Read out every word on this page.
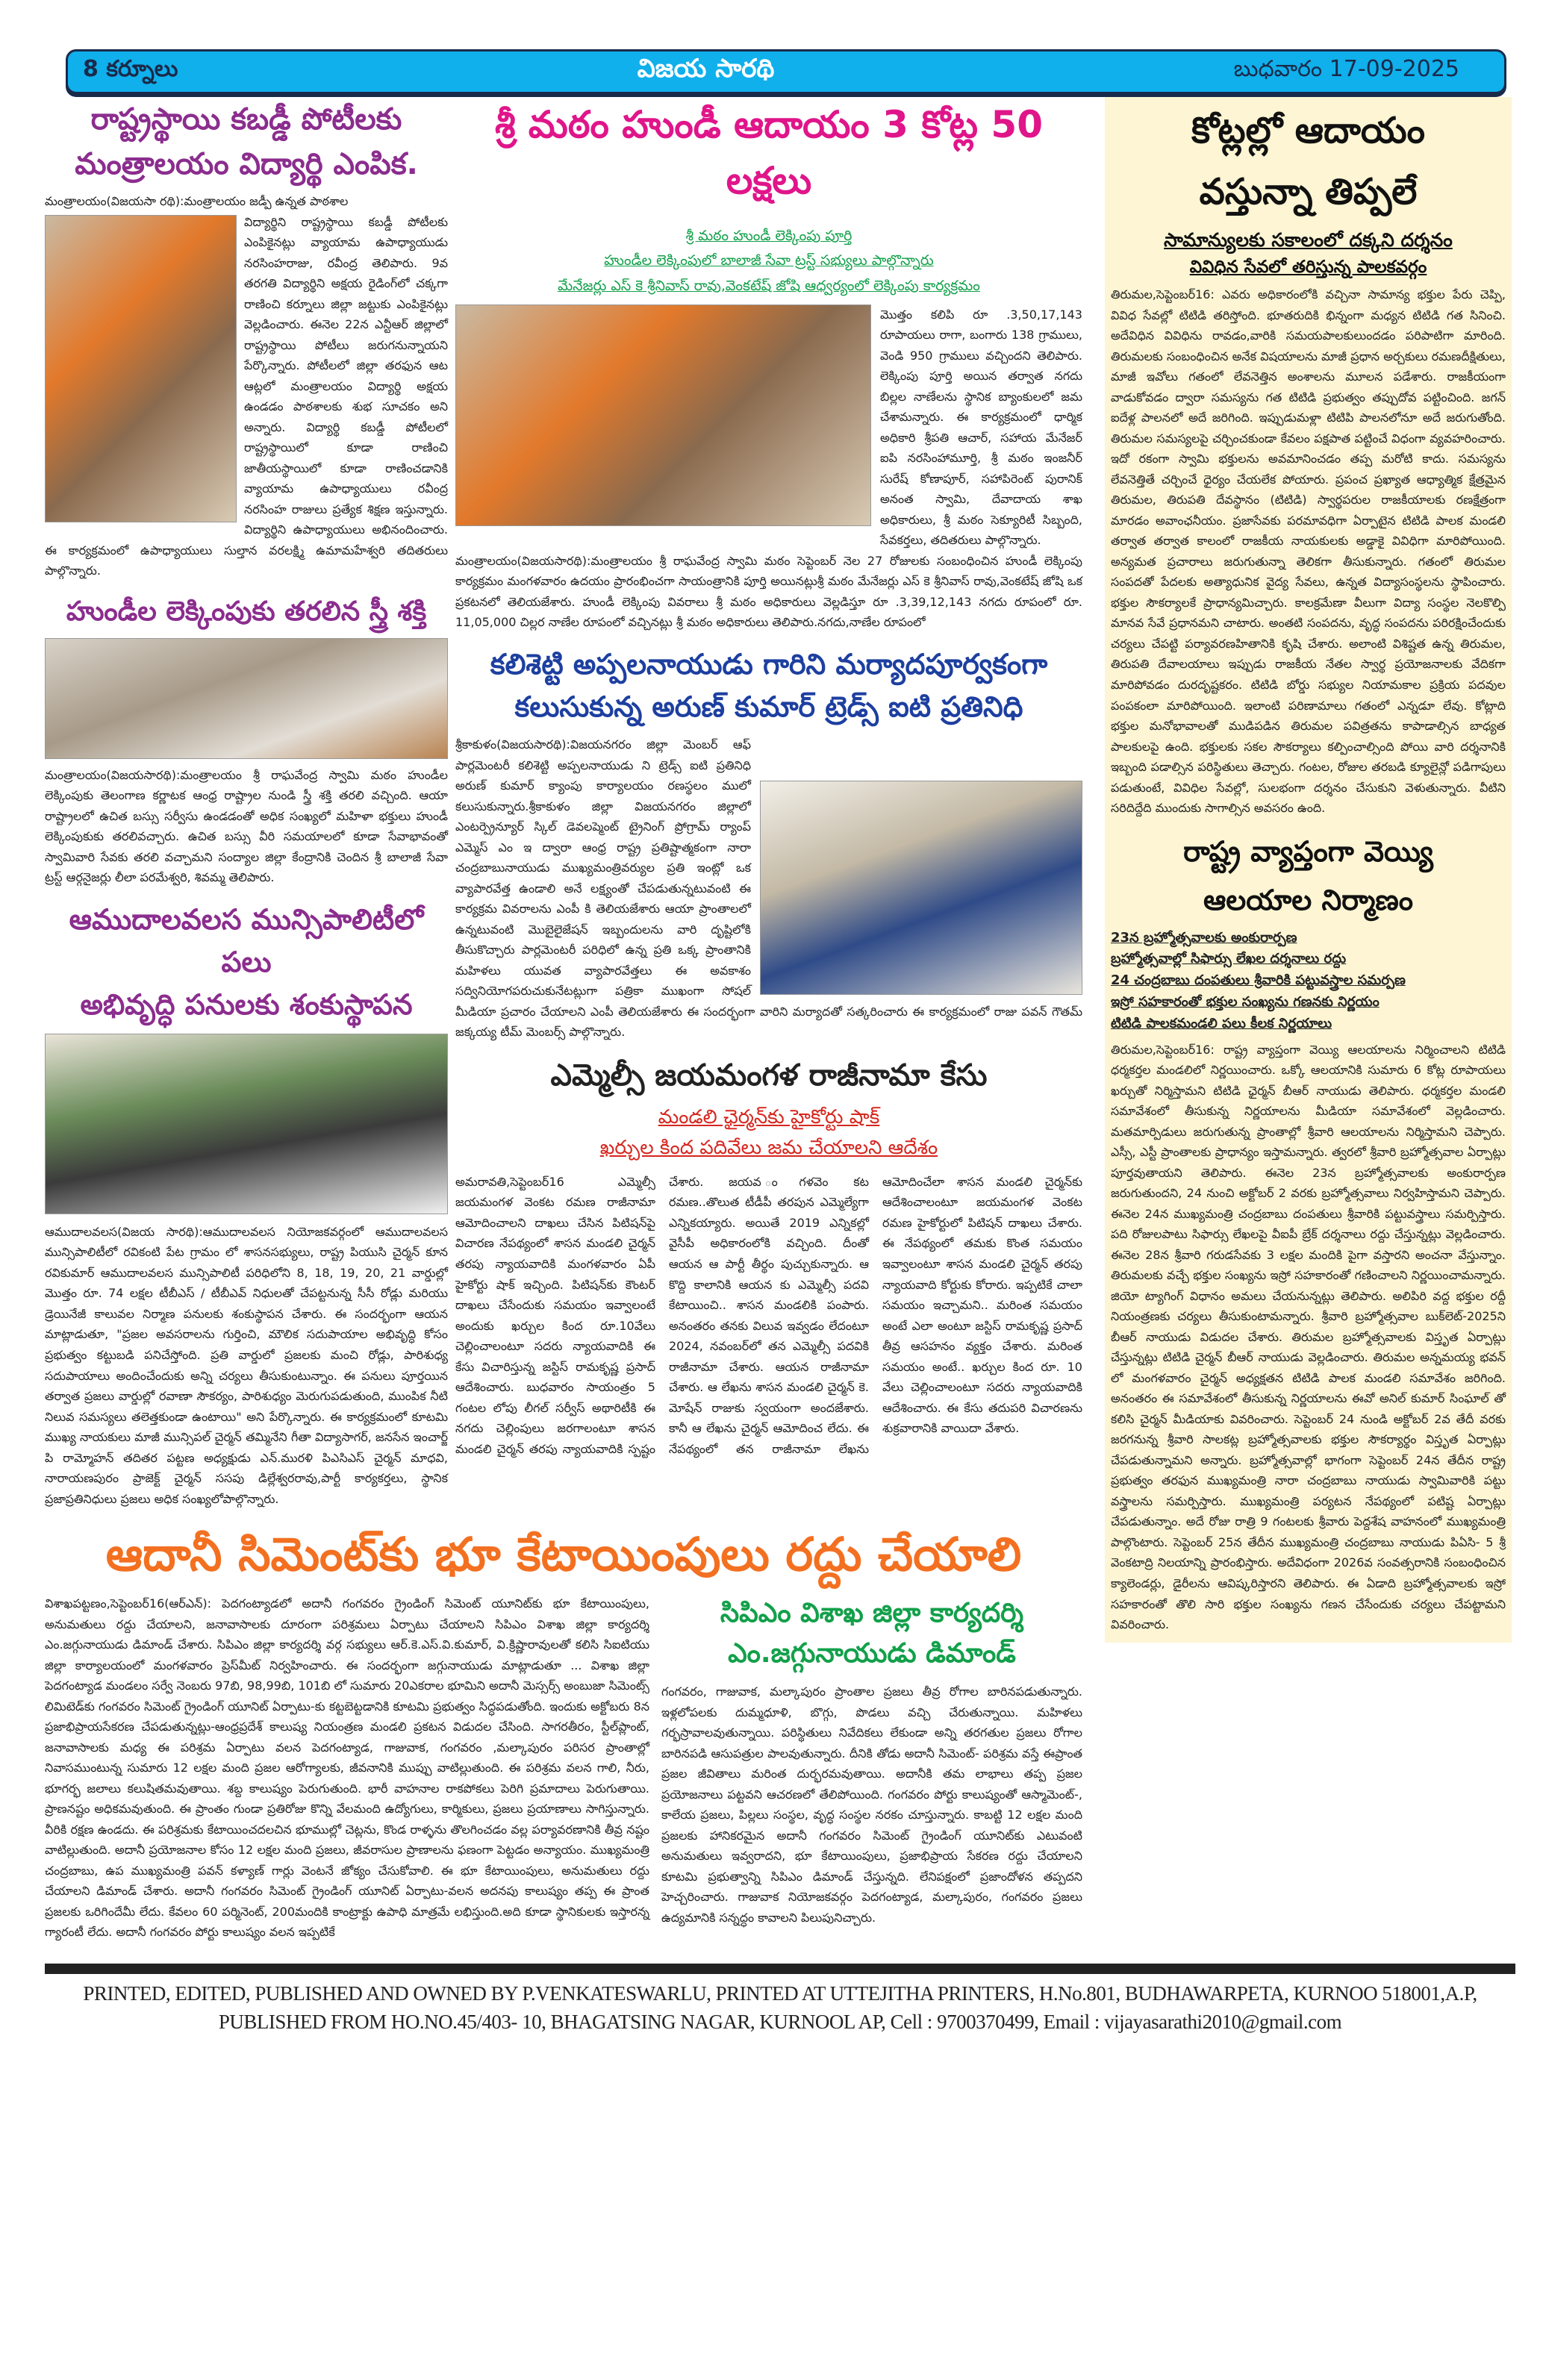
8 కర్నూలు	విజయ సారథి	బుధవారం 17-09-2025
రాష్ట్రస్థాయి కబడ్డీ పోటీలకు
మంత్రాలయం విద్యార్థి ఎంపిక.
మంత్రాలయం(విజయసా రథి):మంత్రాలయం జడ్పీ ఉన్నత పాఠశాల
విద్యార్థిని రాష్ట్రస్థాయి కబడ్డీ పోటీలకు ఎంపికైనట్లు వ్యాయామ ఉపాధ్యాయుడు నరసింహరాజు, రవీంద్ర తెలిపారు. 9వ తరగతి విద్యార్థిని అక్షయ రైడింగ్‌లో చక్కగా రాణించి కర్నూలు జిల్లా జట్టుకు ఎంపికైనట్లు వెల్లడించారు. ఈనెల 22న ఎన్టీఆర్ జిల్లాలో రాష్ట్రస్థాయి పోటీలు జరుగనున్నాయని పేర్కొన్నారు. పోటీలలో జిల్లా తరఫున ఆట ఆట్లలో మంత్రాలయం విద్యార్థి అక్షయ ఉండడం పాఠశాలకు శుభ సూచకం అని అన్నారు. విద్యార్థి కబడ్డీ పోటీలలో రాష్ట్రస్థాయిలో కూడా రాణించి జాతీయస్థాయిలో కూడా రాణించడానికి వ్యాయామ ఉపాధ్యాయులు రవీంద్ర నరసింహ రాజులు ప్రత్యేక శిక్షణ ఇస్తున్నారు. విద్యార్థిని ఉపాధ్యాయులు అభినందించారు. ఈ కార్యక్రమంలో ఉపాధ్యాయులు సుల్తాన వరలక్ష్మి ఉమామహేశ్వరి తదితరులు పాల్గొన్నారు.
హుండీల లెక్కింపుకు తరలిన స్త్రీ శక్తి
మంత్రాలయం(విజయసారథి):మంత్రాలయం శ్రీ రాఘవేంద్ర స్వామి మఠం హుండీల లెక్కింపుకు తెలంగాణ కర్ణాటక ఆంధ్ర రాష్ట్రాల నుండి స్త్రీ శక్తి తరలి వచ్చింది. ఆయా రాష్ట్రాలలో ఉచిత బస్సు సర్వీసు ఉండడంతో అధిక సంఖ్యలో మహిళా భక్తులు హుండీ లెక్కింపుకుకు తరలివచ్చారు. ఉచిత బస్సు వీరి సమయాలలో కూడా సేవాభావంతో స్వామివారి సేవకు తరలి వచ్చామని సంద్యాల జిల్లా కేంద్రానికి చెందిన శ్రీ బాలాజీ సేవా ట్రస్ట్ ఆర్గనైజర్లు లీలా పరమేశ్వరి, శివమ్మ తెలిపారు.
ఆముదాలవలస మున్సిపాలిటీలో పలు
అభివృద్ధి పనులకు శంకుస్థాపన
ఆముదాలవలస(విజయ సారథి):ఆముదాలవలస నియోజకవర్గంలో ఆముదాలవలస మున్సిపాలిటీలో రవికంటి పేట గ్రామం లో శాసనసభ్యులు, రాష్ట్ర పియుసి చైర్మన్ కూన రవికుమార్ ఆముదాలవలస మున్సిపాలిటీ పరిధిలోని 8, 18, 19, 20, 21 వార్డుల్లో మొత్తం రూ. 74 లక్షల టీబీఎస్ / టీబీఎవ్ నిధులతో చేపట్టనున్న సీసీ రోడ్లు మరియు డ్రెయినేజీ కాలువల నిర్మాణ పనులకు శంకుస్థాపన చేశారు. ఈ సందర్భంగా ఆయన మాట్లాడుతూ, "ప్రజల అవసరాలను గుర్తించి, మౌలిక సదుపాయాల అభివృద్ధి కోసం ప్రభుత్వం కట్టుబడి పనిచేస్తోంది. ప్రతి వార్డులో ప్రజలకు మంచి రోడ్లు, పారిశుధ్య సదుపాయాలు అందించేందుకు అన్ని చర్యలు తీసుకుంటున్నాం. ఈ పనులు పూర్తయిన తర్వాత ప్రజలు వార్డుల్లో రవాణా సౌకర్యం, పారిశుధ్యం మెరుగుపడుతుంది, ముంపిక నీటి నిలువ సమస్యలు తలెత్తకుండా ఉంటాయి" అని పేర్కొన్నారు. ఈ కార్యక్రమంలో కూటమి ముఖ్య నాయకులు మాజీ మున్సిపల్ చైర్మన్ తమ్మినేని గీతా విద్యాసాగర్, జనసేన ఇంచార్జ్ పి రామ్మోహన్ తదితర పట్టణ అధ్యక్షుడు ఎన్.మురళి పిఎసిఎస్ చైర్మన్ మాధవి, నారాయణపురం ప్రాజెక్ట్ చైర్మన్ ససపు డిల్లేశ్వరరావు,పార్టీ కార్యకర్తలు, స్థానిక ప్రజాప్రతినిధులు ప్రజలు అధిక సంఖ్యలోపాల్గొన్నారు.
శ్రీ మఠం హుండీ ఆదాయం 3 కోట్ల 50 లక్షలు
శ్రీ మఠం హుండీ లెక్కింపు పూర్తి
హుండీల లెక్కింపులో బాలాజీ సేవా ట్రస్ట్ సభ్యులు పాల్గొన్నారు
మేనేజర్లు ఎస్ కె శ్రీనివాస్ రావు,వెంకటేష్ జోషి ఆధ్వర్యంలో లెక్కింపు కార్యక్రమం
మొత్తం కలిపి రూ .3,50,17,143 రూపాయలు రాగా, బంగారు 138 గ్రాములు, వెండి 950 గ్రాములు వచ్చిందని తెలిపారు. లెక్కింపు పూర్తి అయిన తర్వాత నగదు బిల్లల నాణేలను స్థానిక బ్యాంకులలో జమ చేశామన్నారు. ఈ కార్యక్రమంలో ధార్మిక అధికారి శ్రీపతి ఆచార్, సహాయ మేనేజర్ ఐపి నరసింహామూర్తి, శ్రీ మఠం ఇంజనీర్ సురేష్ కోణాపూర్, సహాపిరెంట్ పురానిక్ అనంత స్వామి, దేవాదాయ శాఖ అధికారులు, శ్రీ మఠం సెక్యూరిటీ సిబ్బంది, సేవకర్తలు, తదితరులు పాల్గొన్నారు.
మంత్రాలయం(విజయసారథి):మంత్రాలయం శ్రీ రాఘవేంద్ర స్వామి మఠం సెప్టెంబర్ నెల 27 రోజులకు సంబంధించిన హుండీ లెక్కింపు కార్యక్రమం మంగళవారం ఉదయం ప్రారంభించగా సాయంత్రానికి పూర్తి అయినట్లుశ్రీ మఠం మేనేజర్లు ఎస్ కె శ్రీనివాస్ రావు,వెంకటేష్ జోషి ఒక ప్రకటనలో తెలియజేశారు. హుండీ లెక్కింపు వివరాలు శ్రీ మఠం అధికారులు వెల్లడిస్తూ రూ .3,39,12,143 నగదు రూపంలో రూ. 11,05,000 చిల్లర నాణేల రూపంలో వచ్చినట్లు శ్రీ మఠం అధికారులు తెలిపారు.నగదు,నాణేల రూపంలో
కలిశెట్టి అప్పలనాయుడు గారిని మర్యాదపూర్వకంగా
కలుసుకున్న అరుణ్ కుమార్ ట్రెడ్స్ ఐటి ప్రతినిధి
శ్రీకాకుళం(విజయసారథి):విజయనగరం జిల్లా మెంబర్ ఆఫ్ పార్లమెంటరీ కలిశెట్టి అప్పలనాయుడు ని ట్రెడ్స్ ఐటి ప్రతినిధి అరుణ్ కుమార్ క్యాంపు కార్యాలయం రణస్థలం ములో కలుసుకున్నారు.శ్రీకాకుళం జిల్లా విజయనగరం జిల్లాలో ఎంటర్ప్రెన్యూర్ స్కిల్ డెవలప్మెంట్ ట్రైనింగ్ ప్రోగ్రామ్ ర్యాంప్ ఎమ్మెస్ ఎం ఇ ద్వారా ఆంధ్ర రాష్ట్ర ప్రతిష్టాత్మకంగా నారా చంద్రబాబునాయుడు ముఖ్యమంత్రివర్యుల ప్రతి ఇంట్లో ఒక వ్యాపారవేత్త ఉండాలి అనే లక్ష్యంతో చేపడుతున్నటువంటి ఈ కార్యక్రమ వివరాలను ఎంపీ కి తెలియజేశారు ఆయా ప్రాంతాలలో ఉన్నటువంటి మొబైలైజేషన్ ఇబ్బందులను వారి దృష్టిలోకి తీసుకొచ్చారు పార్లమెంటరీ పరిధిలో ఉన్న ప్రతి ఒక్క ప్రాంతానికి మహిళలు యువత వ్యాపారవేత్తలు ఈ అవకాశం సద్వినియోగపరుచుకునేటట్లుగా పత్రికా ముఖంగా సోషల్ మీడియా ప్రచారం చేయాలని ఎంపీ తెలియజేశారు ఈ సందర్భంగా వారిని మర్యాదతో సత్కరించారు ఈ కార్యక్రమంలో రాజు పవన్ గౌతమ్ జక్కయ్య టీమ్ మెంబర్స్ పాల్గొన్నారు.
ఎమ్మెల్సీ జయమంగళ రాజీనామా కేసు
మండలి ఛైర్మన్‌కు హైకోర్టు షాక్
ఖర్చుల కింద పదివేలు జమ చేయాలని ఆదేశం
అమరావతి,సెప్టెంబర్16 ఎమ్మెల్సీ జయమంగళ వెంకట రమణ రాజీనామా ఆమోదించాలని దాఖలు చేసిన పిటిషన్‌పై విచారణ నేపథ్యంలో శాసన మండలి చైర్మన్ తరపు న్యాయవాదికి మంగళవారం ఏపీ హైకోర్టు షాక్ ఇచ్చింది. పిటిషన్‌కు కౌంటర్ దాఖలు చేసేందుకు సమయం ఇవ్వాలంటే అందుకు ఖర్చుల కింద రూ.10వేలు చెల్లించాలంటూ సదరు న్యాయవాదికి ఈ కేసు విచారిస్తున్న జస్టిస్ రామకృష్ణ ప్రసాద్ ఆదేశించారు. బుధవారం సాయంత్రం 5 గంటల లోపు లీగల్ సర్వీస్ అథారిటీకి ఈ నగదు చెల్లింపులు జరగాలంటూ శాసన మండలి చైర్మన్ తరపు న్యాయవాదికి స్పష్టం చేశారు. జయవ ంగళవెం కట రమణ..తొలుత టీడీపీ తరపున ఎమ్మెల్యేగా ఎన్నికయ్యారు. అయితే 2019 ఎన్నికల్లో వైసీపీ అధికారంలోకి వచ్చింది. దీంతో ఆయన ఆ పార్టీ తీర్థం పుచ్చుకున్నారు. ఆ కొద్ది కాలానికి ఆయన కు ఎమ్మెల్సీ పదవి కేటాయించి.. శాసన మండలికి పంపారు. అనంతరం తనకు విలువ ఇవ్వడం లేదంటూ 2024, నవంబర్‌లో తన ఎమ్మెల్సీ పదవికి రాజీనామా చేశారు. ఆయన రాజీనామా చేశారు. ఆ లేఖను శాసన మండలి చైర్మన్ కె. మోషేన్ రాజుకు స్వయంగా అందజేశారు. కానీ ఆ లేఖను చైర్మన్ ఆమోదించ లేదు. ఈ నేపథ్యంలో తన రాజీనామా లేఖను ఆమోదించేలా శాసన మండలి చైర్మన్‌కు ఆదేశించాలంటూ జయమంగళ వెంకట రమణ హైకోర్టులో పిటిషన్ దాఖలు చేశారు. ఈ నేపథ్యంలో తమకు కొంత సమయం ఇవ్వాలంటూ శాసన మండలి చైర్మన్ తరపు న్యాయవాది కోర్టుకు కోరారు. ఇప్పటికే చాలా సమయం ఇచ్చామని.. మరింత సమయం అంటే ఎలా అంటూ జస్టిస్ రామకృష్ణ ప్రసాద్ తీవ్ర ఆసహనం వ్యక్తం చేశారు. మరింత సమయం అంటే.. ఖర్చుల కింద రూ. 10 వేలు చెల్లించాలంటూ సదరు న్యాయవాదికి ఆదేశించారు. ఈ కేసు తదుపరి విచారణను శుక్రవారానికి వాయిదా వేశారు.
ఆదానీ సిమెంట్‌కు భూ కేటాయింపులు రద్దు చేయాలి
విశాఖపట్టణం,సెప్టెంబర్16(ఆర్‌ఎన్): పెదగంట్యాడలో అదానీ గంగవరం గ్రైండింగ్ సిమెంట్ యూనిట్‌కు భూ కేటాయింపులు, అనుమతులు రద్దు చేయాలని, జనావాసాలకు దూరంగా పరిశ్రమలు ఏర్పాటు చేయాలని సిపిఎం విశాఖ జిల్లా కార్యదర్శి ఎం.జగ్గునాయుడు డిమాండ్ చేశారు. సిపిఎం జిల్లా కార్యదర్శి వర్గ సభ్యులు ఆర్.కె.ఎస్.వి.కుమార్, వి.క్రిష్ణారావులతో కలిసి సిఐటియు జిల్లా కార్యాలయంలో మంగళవారం ప్రెస్‌మీట్ నిర్వహించారు. ఈ సందర్భంగా జగ్గునాయుడు మాట్లాడుతూ ... విశాఖ జిల్లా పెదగంట్యాడ మండలం సర్వే నెంబరు 97బి, 98,99బి, 101బి లో సుమారు 20ఎకరాల భూమిని అదానీ మెస్సర్స్ అంబుజా సిమెంట్స్ లిమిటెడ్‌కు గంగవరం సిమెంట్ గ్రైండింగ్ యూనిట్ ఏర్పాటు-కు కట్టబెట్టడానికి కూటమి ప్రభుత్వం సిద్ధపడుతోంది. ఇందుకు అక్టోబరు 8న ప్రజాభిప్రాయసేకరణ చేపడుతున్నట్లు-ఆంధ్రప్రదేశ్ కాలుష్య నియంత్రణ మండలి ప్రకటన విడుదల చేసింది. సాగరతీరం, స్టీల్‌ప్లాంట్, జనావాసాలకు మధ్య ఈ పరిశ్రమ ఏర్పాటు వలన పెదగంట్యాడ, గాజువాక, గంగవరం ,మల్కాపురం పరిసర ప్రాంతాల్లో నివాసముంటున్న సుమారు 12 లక్షల మంది ప్రజల ఆరోగ్యాలకు, జీవనానికి ముప్పు వాటిల్లుతుంది. ఈ పరిశ్రమ వలన గాలి, నీరు, భూగర్భ జలాలు కలుషితమవుతాయి. శబ్ద కాలుష్యం పెరుగుతుంది. భారీ వాహనాల రాకపోకలు పెరిగి ప్రమాదాలు పెరుగుతాయి. ప్రాణనష్టం అధికమవుతుంది. ఈ ప్రాంతం గుండా ప్రతిరోజు కొన్ని వేలమంది ఉద్యోగులు, కార్మికులు, ప్రజలు ప్రయాణాలు సాగిస్తున్నారు. వీరికి రక్షణ ఉండదు. ఈ పరిశ్రమకు కేటాయించదలచిన భూముల్లో చెట్లను, కొండ రాళ్ళను తొలగించడం వల్ల పర్యావరణానికి తీవ్ర నష్టం వాటిల్లుతుంది. అదానీ ప్రయోజనాల కోసం 12 లక్షల మంది ప్రజలు, జీవరాసుల ప్రాణాలను ఫణంగా పెట్టడం అన్యాయం. ముఖ్యమంత్రి చంద్రబాబు, ఉప ముఖ్యమంత్రి పవన్ కళ్యాణ్ గార్లు వెంటనే జోక్యం చేసుకోవాలి. ఈ భూ కేటాయింపులు, అనుమతులు రద్దు చేయాలని డిమాండ్ చేశారు. అదానీ గంగవరం సిమెంట్ గ్రైండింగ్ యూనిట్ ఏర్పాటు-వలన అదనపు కాలుష్యం తప్ప ఈ ప్రాంత ప్రజలకు ఒరిగిందేమీ లేదు. కేవలం 60 పర్మినెంట్, 200మందికి కాంట్రాక్టు ఉపాధి మాత్రమే లభిస్తుంది.అది కూడా స్థానికులకు ఇస్తారన్న గ్యారంటీ లేదు. అదానీ గంగవరం పోర్టు కాలుష్యం వలన ఇప్పటికే
సిపిఎం విశాఖ జిల్లా కార్యదర్శి
ఎం.జగ్గునాయుడు డిమాండ్
గంగవరం, గాజువాక, మల్కాపురం ప్రాంతాల ప్రజలు తీవ్ర రోగాల బారినపడుతున్నారు. ఇళ్లలోపలకు దుమ్మధూళి, బొగ్గు, పొడలు వచ్చి చేరుతున్నాయి. మహిళలు గర్భస్రావాలవుతున్నాయి. పరిస్థితులు నివేదికలు లేకుండా అన్ని తరగతుల ప్రజలు రోగాల బారినపడి ఆసుపత్రుల పాలవుతున్నారు. దీనికి తోడు అదానీ సిమెంట్- పరిశ్రమ వస్తే ఈప్రాంత ప్రజల జీవితాలు మరింత దుర్భరమవుతాయి. అదానీకి తమ లాభాలు తప్ప ప్రజల ప్రయోజనాలు పట్టవని ఆచరణలో తేలిపోయింది. గంగవరం పోర్టు కాలుష్యంతో ఆస్మామెంట్-, కాలేయ ప్రజలు, పిల్లలు సంస్థల, వృద్ధ సంస్థల నరకం చూస్తున్నారు. కాబట్టి 12 లక్షల మంది ప్రజలకు హానికరమైన అదానీ గంగవరం సిమెంట్ గ్రైండింగ్ యూనిట్‌కు ఎటువంటి అనుమతులు ఇవ్వరాదని, భూ కేటాయింపులు, ప్రజాభిప్రాయ సేకరణ రద్దు చేయాలని కూటమి ప్రభుత్వాన్ని సిపిఎం డిమాండ్ చేస్తున్నది. లేనిపక్షంలో ప్రజాందోళన తప్పదని హెచ్చరించారు. గాజువాక నియోజకవర్గం పెదగంట్యాడ, మల్కాపురం, గంగవరం ప్రజలు ఉద్యమానికి సన్నద్ధం కావాలని పిలుపునిచ్చారు.
కోట్లల్లో ఆదాయం
వస్తున్నా తిప్పలే
సామాన్యులకు సకాలంలో దక్కని దర్శనం
వివిధిన సేవలో తరిస్తున్న పాలకవర్గం
తిరుమల,సెప్టెంబర్16: ఎవరు అధికారంలోకి వచ్చినా సామాన్య భక్తుల పేరు చెప్పి, వివిధ సేవల్లో టిటిడి తరిస్తోంది. భూతరుదికి భిన్నంగా మధ్యన టిటిడి గత సినించి. అదేవిధిన వివిధిను రావడం,వారికి సమయపాలకులుందడం పరిపాటిగా మారింది. తిరుమలకు సంబంధించిన అనేక విషయాలను మాజీ ప్రధాన అర్చకులు రమణదీక్షితులు, మాజీ ఇవోలు గతంలో లేవనెత్తిన అంశాలను మూలన పడేశారు. రాజకీయంగా వాడుకోవడం ద్వారా సమస్యను గత టిటిడి ప్రభుత్వం తప్పుదోవ పట్టించింది. జగన్ ఐదేళ్ల పాలనలో అదే జరిగింది. ఇప్పుడుమళ్లా టిటిపి పాలనలోనూ అదే జరుగుతోంది. తిరుమల సమస్యలపై చర్చించకుండా కేవలం పక్షపాత పట్టించే విధంగా వ్యవహరించారు. ఇదో రకంగా స్వామి భక్తులను అవమానించడం తప్ప మరోటి కాదు. సమస్యను లేవనెత్తితే చర్చించే ధైర్యం చేయలేక పోయారు. ప్రపంచ ప్రఖ్యాత ఆధ్యాత్మిక క్షేత్రమైన తిరుమల, తిరుపతి దేవస్థానం (టిటిడి) స్వార్థపరుల రాజకీయాలకు రణక్షేత్రంగా మారడం అవాంఛనీయం. ప్రజాసేవకు పరమావధిగా ఏర్పాటైన టిటిడి పాలక మండలి తర్వాత తర్వాత కాలంలో రాజకీయ నాయకులకు అడ్డాకై వివిధిగా మారిపోయింది. అన్యమత ప్రచారాలు జరుగుతున్నా తెలికగా తీసుకున్నారు. గతంలో తిరుమల సంపదతో పేదలకు అత్యాధునిక వైద్య సేవలు, ఉన్నత విద్యాసంస్థలను స్థాపించారు. భక్తుల సౌకర్యాలకే ప్రాధాన్యమిచ్చారు. కాలక్రమేణా వీలుగా విద్యా సంస్థల నెలకొల్పి మానవ సేవే ప్రధానమని చాటారు. అంతటి సంపదను, వృద్ధ సంపదను పరిరక్షించేందుకు చర్యలు చేపట్టి పర్యావరణహితానికి కృషి చేశారు. అలాంటి విశిష్టత ఉన్న తిరుమల, తిరుపతి దేవాలయాలు ఇప్పుడు రాజకీయ నేతల స్వార్థ ప్రయోజనాలకు వేదికగా మారిపోవడం దురదృష్టకరం. టిటిడి బోర్డు సభ్యుల నియామకాల ప్రక్రియ పదవుల పంపకంలా మారిపోయింది. ఇలాంటి పరిణామాలు గతంలో ఎన్నడూ లేవు. కోట్లాది భక్తుల మనోభావాలతో ముడిపడిన తిరుమల పవిత్రతను కాపాడాల్సిన బాధ్యత పాలకులపై ఉంది. భక్తులకు సకల సౌకర్యాలు కల్పించాల్సింది పోయి వారి దర్శనానికి ఇబ్బంది పడాల్సిన పరిస్థితులు తెచ్చారు. గంటల, రోజుల తరబడి క్యూలైన్లో పడిగాపులు పడుతుంటే, వివిధిల సేవల్లో, సులభంగా దర్శనం చేసుకుని వెళుతున్నారు. వీటిని సరిదిద్దేది ముందుకు సాగాల్సిన అవసరం ఉంది.
రాష్ట్ర వ్యాప్తంగా వెయ్యి
ఆలయాల నిర్మాణం
23న బ్రహ్మోత్సవాలకు అంకురార్పణ
బ్రహ్మోత్సవాల్లో సిఫార్సు లేఖల దర్శనాలు రద్దు
24 చంద్రబాబు దంపతులు శ్రీవారికి పట్టువస్త్రాల సమర్పణ
ఇస్రో సహకారంతో భక్తుల సంఖ్యను గణనకు నిర్ణయం
టిటిడి పాలకమండలి పలు కీలక నిర్ణయాలు
తిరుమల,సెప్టెంబర్16: రాష్ట్ర వ్యాప్తంగా వెయ్యి ఆలయాలను నిర్మించాలని టిటిడి ధర్మకర్తల మండలిలో నిర్ణయించారు. ఒక్కో ఆలయానికి సుమారు 6 కోట్ల రూపాయలు ఖర్చుతో నిర్మిస్తామని టిటిడి ఛైర్మన్ బీఆర్ నాయుడు తెలిపారు. ధర్మకర్తల మండలి సమావేశంలో తీసుకున్న నిర్ణయాలను మీడియా సమావేశంలో వెల్లడించారు. మతమార్పిడులు జరుగుతున్న ప్రాంతాల్లో శ్రీవారి ఆలయాలను నిర్మిస్తామని చెప్పారు. ఎస్సీ, ఎస్టీ ప్రాంతాలకు ప్రాధాన్యం ఇస్తామన్నారు. త్వరలో శ్రీవారి బ్రహ్మోత్సవాల ఏర్పాట్లు పూర్తవుతాయని తెలిపారు. ఈనెల 23న బ్రహ్మోత్సవాలకు అంకురార్పణ జరుగుతుందని, 24 నుంచి అక్టోబర్ 2 వరకు బ్రహ్మోత్సవాలు నిర్వహిస్తామని చెప్పారు. ఈనెల 24న ముఖ్యమంత్రి చంద్రబాబు దంపతులు శ్రీవారికి పట్టువస్త్రాలు సమర్పిస్తారు. పది రోజులపాటు సిఫార్సు లేఖలపై వీఐపీ బ్రేక్ దర్శనాలు రద్దు చేస్తున్నట్లు వెల్లడించారు. ఈనెల 28న శ్రీవారి గరుడసేవకు 3 లక్షల మందికి పైగా వస్తారని అంచనా వేస్తున్నాం. తిరుమలకు వచ్చే భక్తుల సంఖ్యను ఇస్రో సహకారంతో గణించాలని నిర్ణయించామన్నారు. జియో ట్యాగింగ్ విధానం అమలు చేయనున్నట్లు తెలిపారు. అలిపిరి వద్ద భక్తుల రద్దీ నియంత్రణకు చర్యలు తీసుకుంటామన్నారు. శ్రీవారి బ్రహ్మోత్సవాల బుక్‌లెట్‌-2025ని బీఆర్ నాయుడు విడుదల చేశారు. తిరుమల బ్రహ్మోత్సవాలకు విస్తృత ఏర్పాట్లు చేస్తున్నట్లు టిటిడి చైర్మన్ బీఆర్ నాయుడు వెల్లడించారు. తిరుమల అన్నమయ్య భవన్ లో మంగళవారం చైర్మన్ అధ్యక్షతన టిటిడి పాలక మండలి సమావేశం జరిగింది. అనంతరం ఈ సమావేశంలో తీసుకున్న నిర్ణయాలను ఈవో అనిల్ కుమార్ సింఘాల్ తో కలిసి చైర్మన్ మీడియాకు వివరించారు. సెప్టెంబర్ 24 నుండి అక్టోబర్ 2వ తేదీ వరకు జరగనున్న శ్రీవారి సాలకట్ల బ్రహ్మోత్సవాలకు భక్తుల సౌకర్యార్థం విస్తృత ఏర్పాట్లు చేపడుతున్నామని అన్నారు. బ్రహ్మోత్సవాల్లో భాగంగా సెప్టెంబర్ 24న తేదీన రాష్ట్ర ప్రభుత్వం తరఫున ముఖ్యమంత్రి నారా చంద్రబాబు నాయుడు స్వామివారికి పట్టు వస్త్రాలను సమర్పిస్తారు. ముఖ్యమంత్రి పర్యటన నేపథ్యంలో పటిష్ట ఏర్పాట్లు చేపడుతున్నాం. అదే రోజు రాత్రి 9 గంటలకు శ్రీవారు పెద్దశేష వాహనంలో ముఖ్యమంత్రి పాల్గొంటారు. సెప్టెంబర్ 25న తేదీన ముఖ్యమంత్రి చంద్రబాబు నాయుడు పిఏసి- 5 శ్రీ వెంకటాద్రి నిలయాన్ని ప్రారంభిస్తారు. అదేవిధంగా 2026వ సంవత్సరానికి సంబంధించిన క్యాలెండర్లు, డైరీలను ఆవిష్కరిస్తారని తెలిపారు. ఈ ఏడాది బ్రహ్మోత్సవాలకు ఇస్రో సహకారంతో తొలి సారి భక్తుల సంఖ్యను గణన చేసేందుకు చర్యలు చేపట్టామని వివరించారు.
PRINTED, EDITED, PUBLISHED AND OWNED BY P.VENKATESWARLU, PRINTED AT UTTEJITHA PRINTERS, H.No.801, BUDHAWARPETA, KURNOO 518001,A.P,
PUBLISHED FROM HO.NO.45/403- 10, BHAGATSING NAGAR, KURNOOL AP, Cell : 9700370499, Email : vijayasarathi2010@gmail.com
